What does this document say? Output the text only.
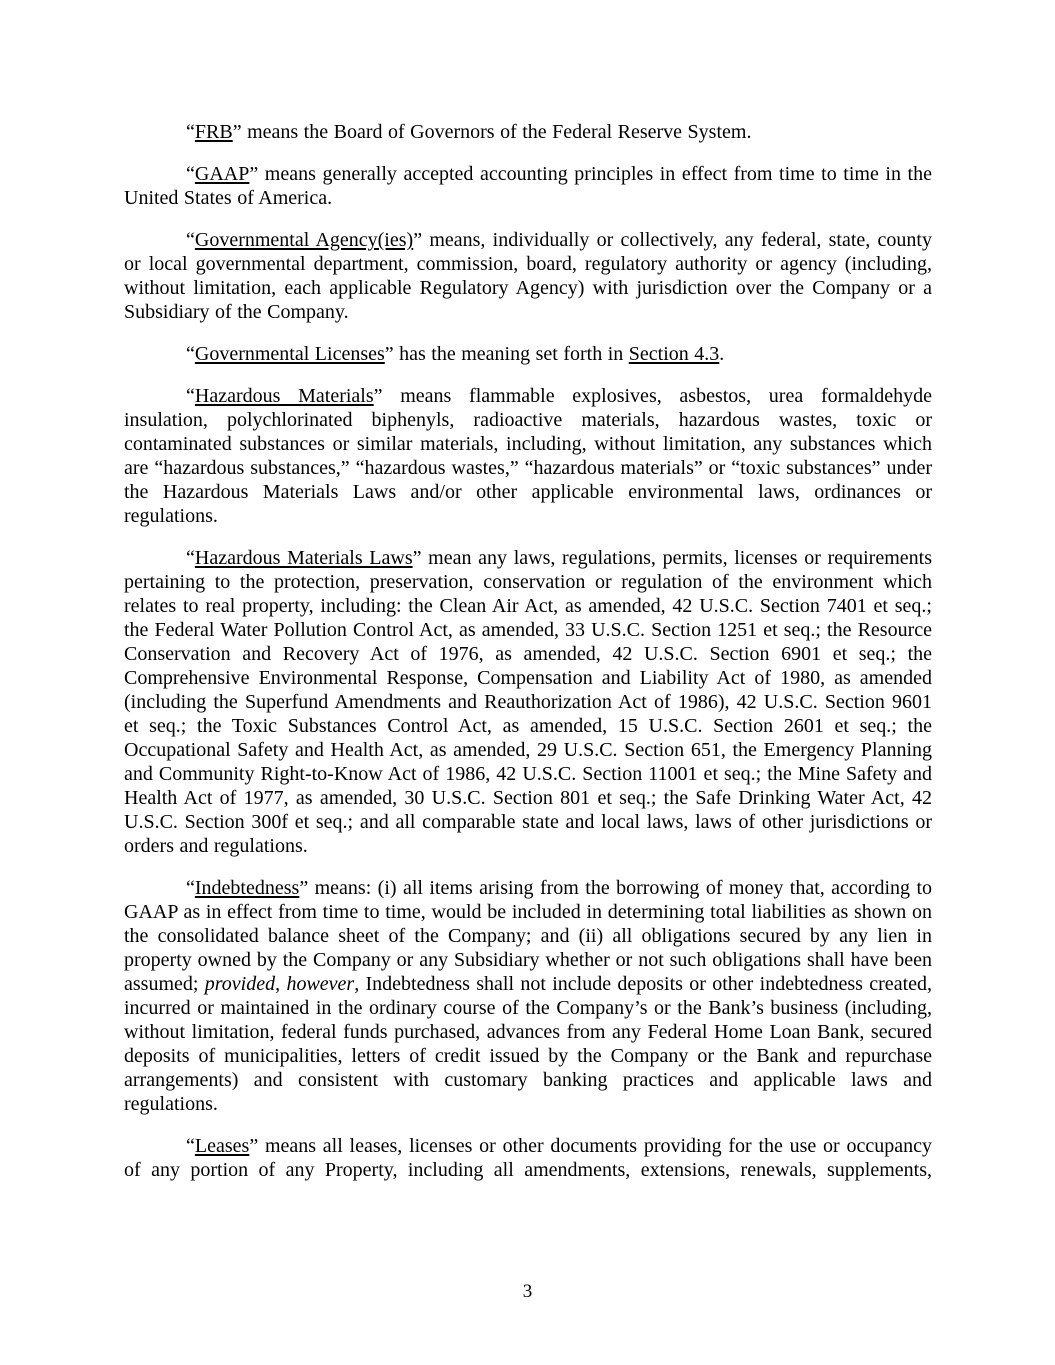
“FRB” means the Board of Governors of the Federal Reserve System.

“GAAP” means generally accepted accounting principles in effect from time to time in the United States of America.

“Governmental Agency(ies)” means, individually or collectively, any federal, state, county or local governmental department, commission, board, regulatory authority or agency (including, without limitation, each applicable Regulatory Agency) with jurisdiction over the Company or a Subsidiary of the Company.

“Governmental Licenses” has the meaning set forth in Section 4.3.

“Hazardous Materials” means flammable explosives, asbestos, urea formaldehyde insulation, polychlorinated biphenyls, radioactive materials, hazardous wastes, toxic or contaminated substances or similar materials, including, without limitation, any substances which are “hazardous substances,” “hazardous wastes,” “hazardous materials” or “toxic substances” under the Hazardous Materials Laws and/or other applicable environmental laws, ordinances or regulations.

“Hazardous Materials Laws” mean any laws, regulations, permits, licenses or requirements pertaining to the protection, preservation, conservation or regulation of the environment which relates to real property, including: the Clean Air Act, as amended, 42 U.S.C. Section 7401 et seq.; the Federal Water Pollution Control Act, as amended, 33 U.S.C. Section 1251 et seq.; the Resource Conservation and Recovery Act of 1976, as amended, 42 U.S.C. Section 6901 et seq.; the Comprehensive Environmental Response, Compensation and Liability Act of 1980, as amended (including the Superfund Amendments and Reauthorization Act of 1986), 42 U.S.C. Section 9601 et seq.; the Toxic Substances Control Act, as amended, 15 U.S.C. Section 2601 et seq.; the Occupational Safety and Health Act, as amended, 29 U.S.C. Section 651, the Emergency Planning and Community Right-to-Know Act of 1986, 42 U.S.C. Section 11001 et seq.; the Mine Safety and Health Act of 1977, as amended, 30 U.S.C. Section 801 et seq.; the Safe Drinking Water Act, 42 U.S.C. Section 300f et seq.; and all comparable state and local laws, laws of other jurisdictions or orders and regulations.

“Indebtedness” means: (i) all items arising from the borrowing of money that, according to GAAP as in effect from time to time, would be included in determining total liabilities as shown on the consolidated balance sheet of the Company; and (ii) all obligations secured by any lien in property owned by the Company or any Subsidiary whether or not such obligations shall have been assumed; provided, however, Indebtedness shall not include deposits or other indebtedness created, incurred or maintained in the ordinary course of the Company’s or the Bank’s business (including, without limitation, federal funds purchased, advances from any Federal Home Loan Bank, secured deposits of municipalities, letters of credit issued by the Company or the Bank and repurchase arrangements) and consistent with customary banking practices and applicable laws and regulations.

“Leases” means all leases, licenses or other documents providing for the use or occupancy of any portion of any Property, including all amendments, extensions, renewals, supplements,

3
